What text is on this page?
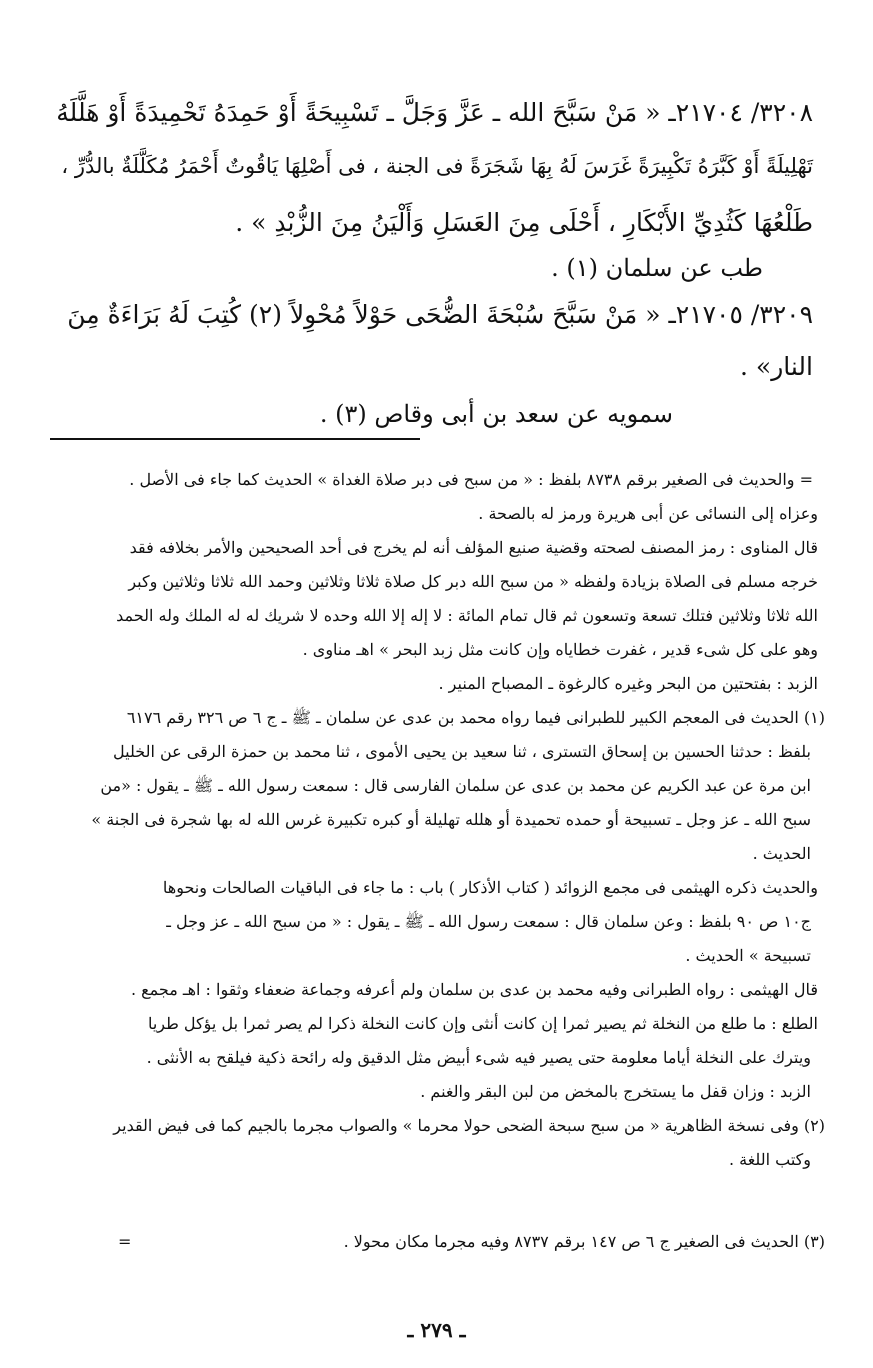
٣٢٠٨/ ٢١٧٠٤ـ « مَنْ سَبَّحَ الله ـ عَزَّ وَجَلَّ ـ تَسْبِيحَةً أَوْ حَمِدَهُ تَحْمِيدَةً أَوْ هَلَّلَهُ
تَهْلِيلَةً أَوْ كَبَّرَهُ تَكْبِيرَةً غَرَسَ لَهُ بِهَا شَجَرَةً فى الجنة ، فى أَصْلِهَا يَاقُوتٌ أَحْمَرُ مُكَلَّلَةٌ بالدُّرِّ ،
طَلْعُهَا كَثُدِيِّ الأَبْكَارِ ، أَحْلَى مِنَ العَسَلِ وَأَلْيَنُ مِنَ الزُّبْدِ » .
طب عن سلمان (١) .
٣٢٠٩/ ٢١٧٠٥ـ « مَنْ سَبَّحَ سُبْحَةَ الضُّحَى حَوْلاً مُحْوِلاً (٢) كُتِبَ لَهُ بَرَاءَةٌ مِنَ
النار» .
سمويه عن سعد بن أبى وقاص (٣) .
= والحديث فى الصغير برقم ٨٧٣٨ بلفظ : « من سبح فى دبر صلاة الغداة » الحديث كما جاء فى الأصل .
وعزاه إلى النسائى عن أبى هريرة ورمز له بالصحة .
قال المناوى : رمز المصنف لصحته وقضية صنيع المؤلف أنه لم يخرج فى أحد الصحيحين والأمر بخلافه فقد
خرجه مسلم فى الصلاة بزيادة ولفظه « من سبح الله دبر كل صلاة ثلاثا وثلاثين وحمد الله ثلاثا وثلاثين وكبر
الله ثلاثا وثلاثين فتلك تسعة وتسعون ثم قال تمام المائة : لا إله إلا الله وحده لا شريك له له الملك وله الحمد
وهو على كل شىء قدير ، غفرت خطاياه وإن كانت مثل زبد البحر » اهـ مناوى .
الزبد : بفتحتين من البحر وغيره كالرغوة ـ المصباح المنير .
(١) الحديث فى المعجم الكبير للطبرانى فيما رواه محمد بن عدى عن سلمان ـ ﷺ ـ ج ٦ ص ٣٢٦ رقم ٦١٧٦
بلفظ : حدثنا الحسين بن إسحاق التسترى ، ثنا سعيد بن يحيى الأموى ، ثنا محمد بن حمزة الرقى عن الخليل
ابن مرة عن عبد الكريم عن محمد بن عدى عن سلمان الفارسى قال : سمعت رسول الله ـ ﷺ ـ يقول : «من
سبح الله ـ عز وجل ـ تسبيحة أو حمده تحميدة أو هلله تهليلة أو كبره تكبيرة غرس الله له بها شجرة فى الجنة »
الحديث .
والحديث ذكره الهيثمى فى مجمع الزوائد ( كتاب الأذكار ) باب : ما جاء فى الباقيات الصالحات ونحوها
ج١٠ ص ٩٠ بلفظ : وعن سلمان قال : سمعت رسول الله ـ ﷺ ـ يقول : « من سبح الله ـ عز وجل ـ
تسبيحة » الحديث .
قال الهيثمى : رواه الطبرانى وفيه محمد بن عدى بن سلمان ولم أعرفه وجماعة ضعفاء وثقوا : اهـ مجمع .
الطلع : ما طلع من النخلة ثم يصير ثمرا إن كانت أنثى وإن كانت النخلة ذكرا لم يصر ثمرا بل يؤكل طريا
ويترك على النخلة أياما معلومة حتى يصير فيه شىء أبيض مثل الدقيق وله رائحة ذكية فيلقح به الأنثى .
الزبد : وزان قفل ما يستخرج بالمخض من لبن البقر والغنم .
(٢) وفى نسخة الظاهرية « من سبح سبحة الضحى حولا محرما » والصواب مجرما بالجيم كما فى فيض القدير
وكتب اللغة .
(٣) الحديث فى الصغير ج ٦ ص ١٤٧ برقم ٨٧٣٧ وفيه مجرما مكان محولا .
=
ـ ٢٧٩ ـ
